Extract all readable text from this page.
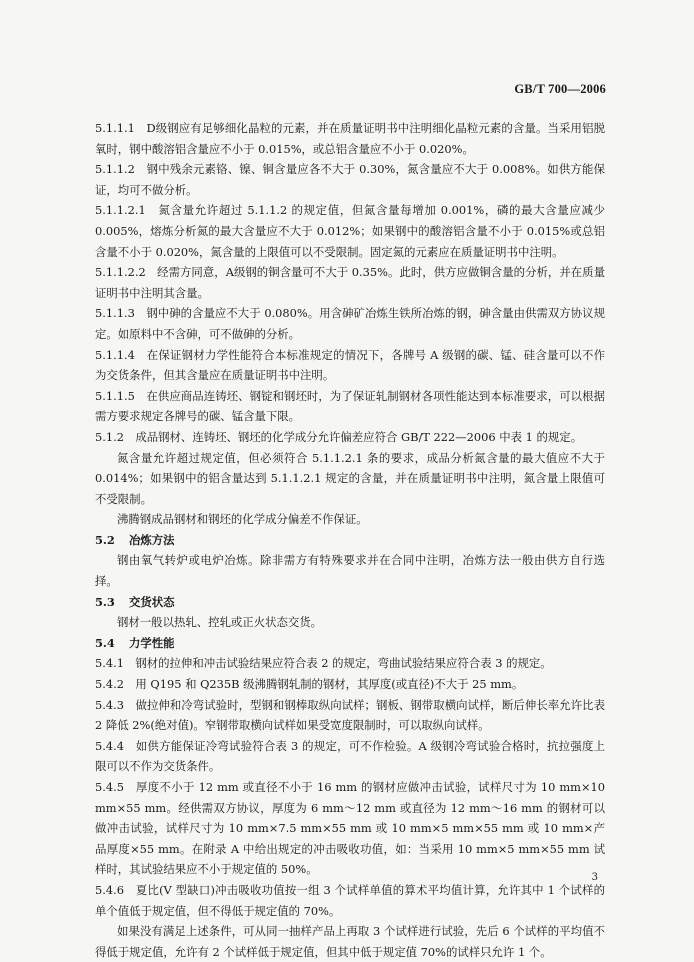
GB/T 700—2006

5.1.1.1　D级钢应有足够细化晶粒的元素，并在质量证明书中注明细化晶粒元素的含量。当采用铝脱氧时，钢中酸溶铝含量应不小于 0.015%，或总铝含量应不小于 0.020%。

5.1.1.2　钢中残余元素铬、镍、铜含量应各不大于 0.30%，氮含量应不大于 0.008%。如供方能保证，均可不做分析。

5.1.1.2.1　氮含量允许超过 5.1.1.2 的规定值，但氮含量每增加 0.001%，磷的最大含量应减少 0.005%，熔炼分析氮的最大含量应不大于 0.012%；如果钢中的酸溶铝含量不小于 0.015%或总铝含量不小于 0.020%，氮含量的上限值可以不受限制。固定氮的元素应在质量证明书中注明。

5.1.1.2.2　经需方同意，A级钢的铜含量可不大于 0.35%。此时，供方应做铜含量的分析，并在质量证明书中注明其含量。

5.1.1.3　钢中砷的含量应不大于 0.080%。用含砷矿冶炼生铁所冶炼的钢，砷含量由供需双方协议规定。如原料中不含砷，可不做砷的分析。

5.1.1.4　在保证钢材力学性能符合本标准规定的情况下，各牌号 A 级钢的碳、锰、硅含量可以不作为交货条件，但其含量应在质量证明书中注明。

5.1.1.5　在供应商品连铸坯、钢锭和钢坯时，为了保证轧制钢材各项性能达到本标准要求，可以根据需方要求规定各牌号的碳、锰含量下限。

5.1.2　成品钢材、连铸坯、钢坯的化学成分允许偏差应符合 GB/T 222—2006 中表 1 的规定。

氮含量允许超过规定值，但必须符合 5.1.1.2.1 条的要求，成品分析氮含量的最大值应不大于 0.014%；如果钢中的铝含量达到 5.1.1.2.1 规定的含量，并在质量证明书中注明，氮含量上限值可不受限制。

沸腾钢成品钢材和钢坯的化学成分偏差不作保证。

5.2 冶炼方法

钢由氧气转炉或电炉冶炼。除非需方有特殊要求并在合同中注明，冶炼方法一般由供方自行选择。

5.3 交货状态

钢材一般以热轧、控轧或正火状态交货。

5.4 力学性能

5.4.1　钢材的拉伸和冲击试验结果应符合表 2 的规定，弯曲试验结果应符合表 3 的规定。

5.4.2　用 Q195 和 Q235B 级沸腾钢轧制的钢材，其厚度(或直径)不大于 25 mm。

5.4.3　做拉伸和冷弯试验时，型钢和钢棒取纵向试样；钢板、钢带取横向试样，断后伸长率允许比表 2 降低 2%(绝对值)。窄钢带取横向试样如果受宽度限制时，可以取纵向试样。

5.4.4　如供方能保证冷弯试验符合表 3 的规定，可不作检验。A 级钢冷弯试验合格时，抗拉强度上限可以不作为交货条件。

5.4.5　厚度不小于 12 mm 或直径不小于 16 mm 的钢材应做冲击试验，试样尺寸为 10 mm×10 mm×55 mm。经供需双方协议，厚度为 6 mm～12 mm 或直径为 12 mm～16 mm 的钢材可以做冲击试验，试样尺寸为 10 mm×7.5 mm×55 mm 或 10 mm×5 mm×55 mm 或 10 mm×产品厚度×55 mm。在附录 A 中给出规定的冲击吸收功值，如：当采用 10 mm×5 mm×55 mm 试样时，其试验结果应不小于规定值的 50%。

5.4.6　夏比(V 型缺口)冲击吸收功值按一组 3 个试样单值的算术平均值计算，允许其中 1 个试样的单个值低于规定值，但不得低于规定值的 70%。

如果没有满足上述条件，可从同一抽样产品上再取 3 个试样进行试验，先后 6 个试样的平均值不得低于规定值，允许有 2 个试样低于规定值，但其中低于规定值 70%的试样只允许 1 个。

3
